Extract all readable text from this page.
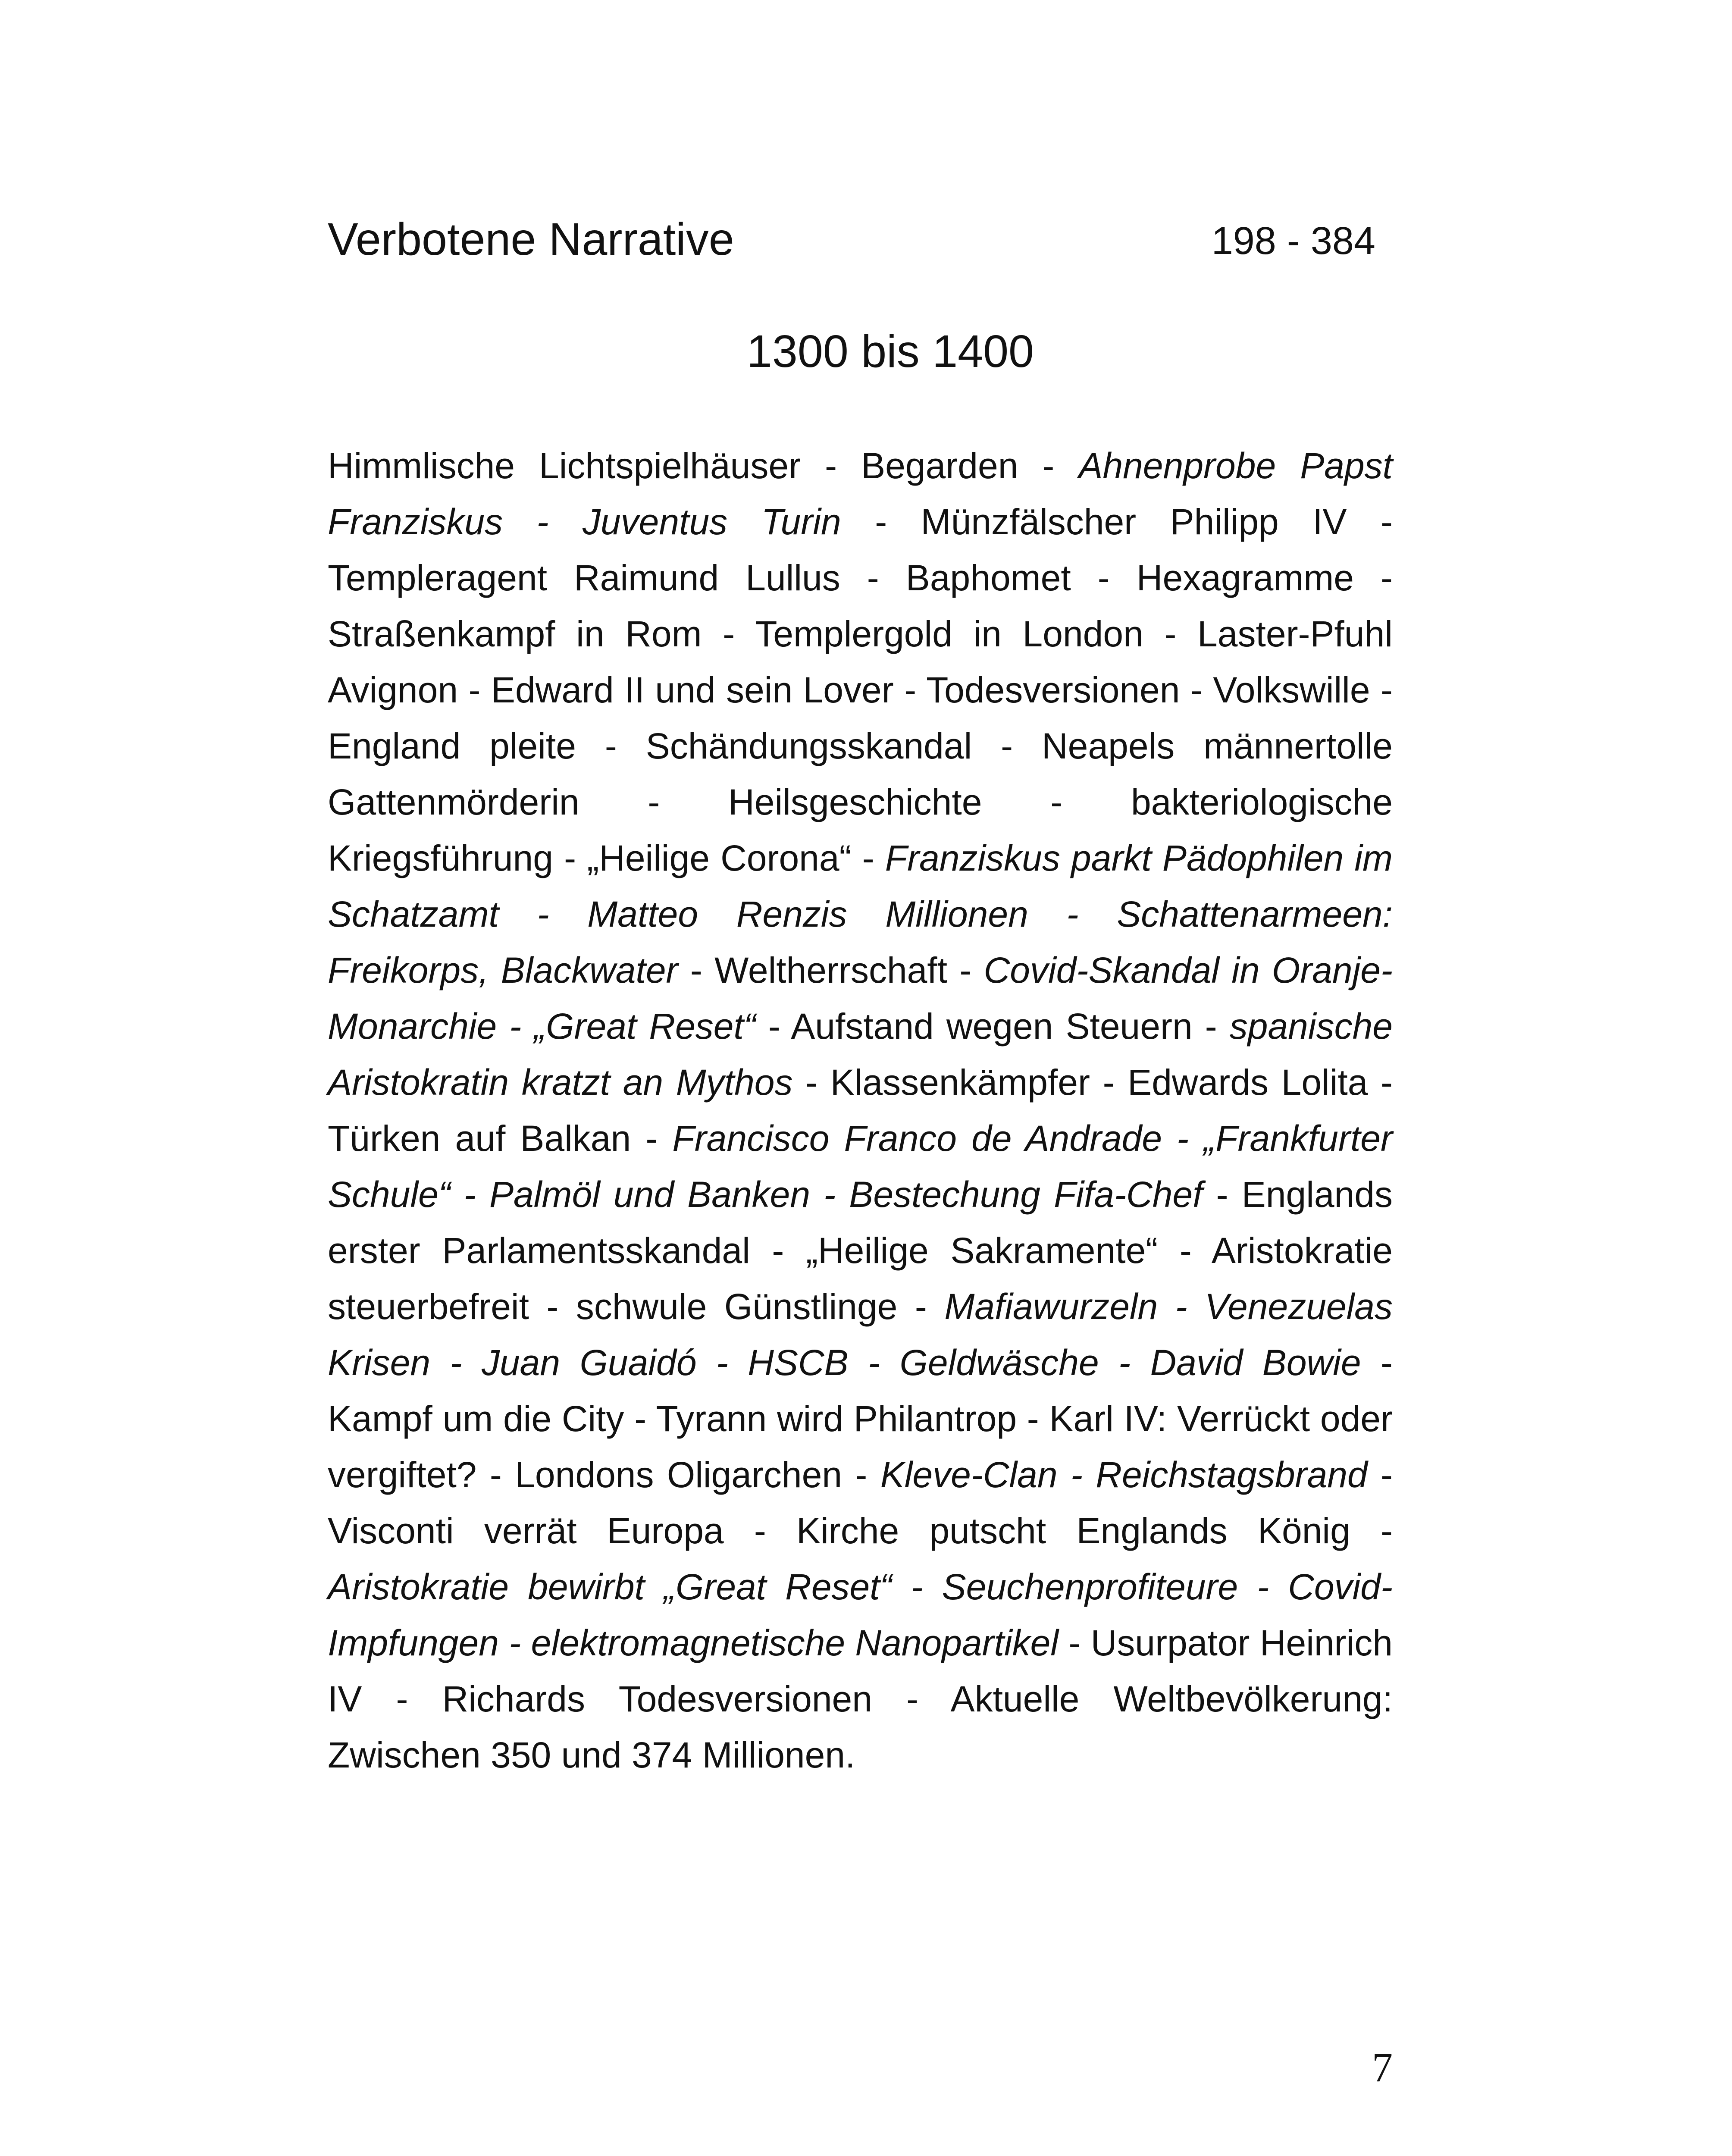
Verbotene Narrative	198 - 384
1300 bis 1400

Himmlische Lichtspielhäuser - Begarden - Ahnenprobe Papst Franziskus - Juventus Turin - Münzfälscher Philipp IV - Templeragent Raimund Lullus - Baphomet - Hexagramme - Straßenkampf in Rom - Templergold in London - Laster-Pfuhl Avignon - Edward II und sein Lover - Todesversionen - Volkswille - England pleite - Schändungsskandal - Neapels männertolle Gattenmörderin - Heilsgeschichte - bakteriologische Kriegsführung - „Heilige Corona“ - Franziskus parkt Pädophilen im Schatzamt - Matteo Renzis Millionen - Schattenarmeen: Freikorps, Blackwater - Weltherrschaft - Covid-Skandal in Oranje-Monarchie - „Great Reset“ - Aufstand wegen Steuern - spanische Aristokratin kratzt an Mythos - Klassenkämpfer - Edwards Lolita - Türken auf Balkan - Francisco Franco de Andrade - „Frankfurter Schule“ - Palmöl und Banken - Bestechung Fifa-Chef - Englands erster Parlamentsskandal - „Heilige Sakramente“ - Aristokratie steuerbefreit - schwule Günstlinge - Mafiawurzeln - Venezuelas Krisen - Juan Guaidó - HSCB - Geldwäsche - David Bowie - Kampf um die City - Tyrann wird Philantrop - Karl IV: Verrückt oder vergiftet? - Londons Oligarchen - Kleve-Clan - Reichstagsbrand - Visconti verrät Europa - Kirche putscht Englands König - Aristokratie bewirbt „Great Reset“ - Seuchenprofiteure - Covid-Impfungen - elektromagnetische Nanopartikel - Usurpator Heinrich IV - Richards Todesversionen - Aktuelle Weltbevölkerung: Zwischen 350 und 374 Millionen.

7
